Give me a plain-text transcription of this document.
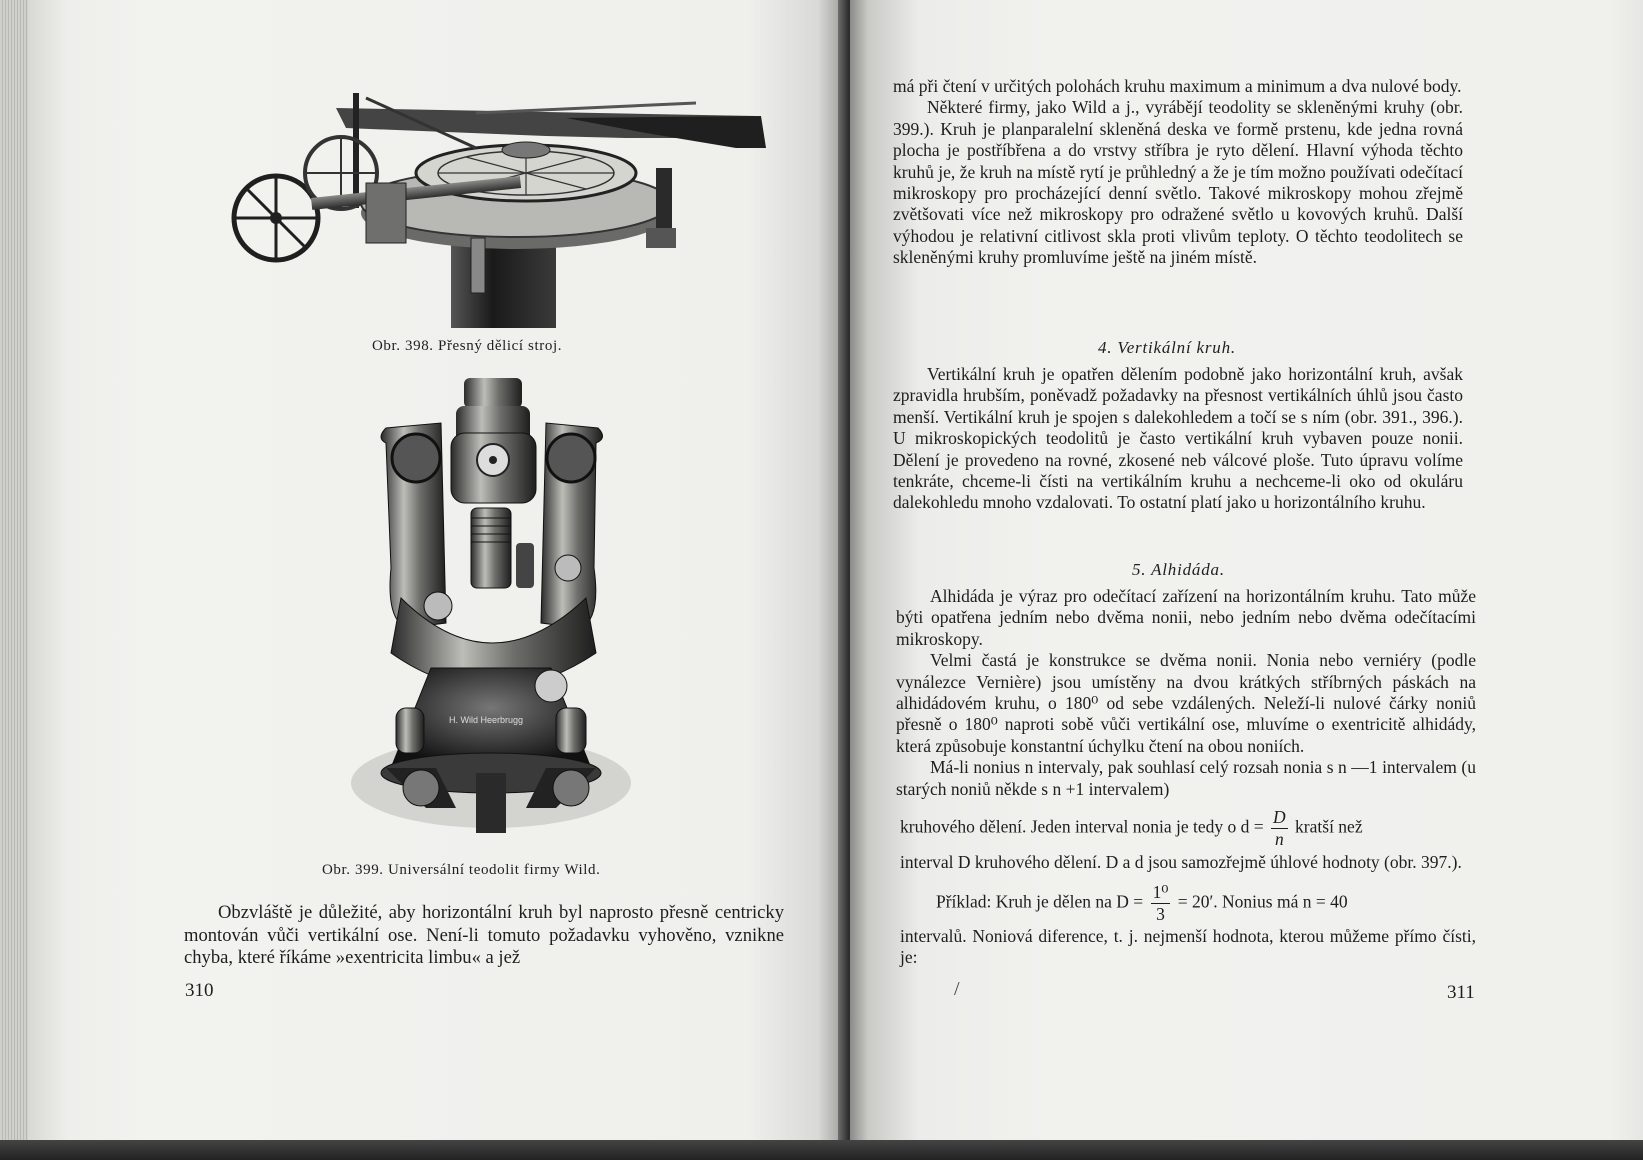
Obr. 398. Přesný dělicí stroj.
H. Wild Heerbrugg
Obr. 399. Universální teodolit firmy Wild.

Obzvláště je důležité, aby horizontální kruh byl naprosto přesně centricky montován vůči vertikální ose. Není-li tomuto požadavku vyhověno, vznikne chyba, které říkáme »exentricita limbu« a jež

310

má při čtení v určitých polohách kruhu maximum a minimum a dva nulové body.

Některé firmy, jako Wild a j., vyrábějí teodolity se skleněnými kruhy (obr. 399.). Kruh je planparalelní skleněná deska ve formě prstenu, kde jedna rovná plocha je postříbřena a do vrstvy stříbra je ryto dělení. Hlavní výhoda těchto kruhů je, že kruh na místě rytí je průhledný a že je tím možno používati odečítací mikroskopy pro procházející denní světlo. Takové mikroskopy mohou zřejmě zvětšovati více než mikroskopy pro odražené světlo u kovových kruhů. Další výhodou je relativní citlivost skla proti vlivům teploty. O těchto teodolitech se skleněnými kruhy promluvíme ještě na jiném místě.

4. Vertikální kruh.

Vertikální kruh je opatřen dělením podobně jako horizontální kruh, avšak zpravidla hrubším, poněvadž požadavky na přesnost vertikálních úhlů jsou často menší. Vertikální kruh je spojen s dalekohledem a točí se s ním (obr. 391., 396.). U mikroskopických teodolitů je často vertikální kruh vybaven pouze nonii. Dělení je provedeno na rovné, zkosené neb válcové ploše. Tuto úpravu volíme tenkráte, chceme-li čísti na vertikálním kruhu a nechceme-li oko od okuláru dalekohledu mnoho vzdalovati. To ostatní platí jako u horizontálního kruhu.

5. Alhidáda.

Alhidáda je výraz pro odečítací zařízení na horizontálním kruhu. Tato může býti opatřena jedním nebo dvěma nonii, nebo jedním nebo dvěma odečítacími mikroskopy.

Velmi častá je konstrukce se dvěma nonii. Nonia nebo verniéry (podle vynálezce Vernière) jsou umístěny na dvou krátkých stříbrných páskách na alhidádovém kruhu, o 180⁰ od sebe vzdálených. Neleží-li nulové čárky noniů přesně o 180⁰ naproti sobě vůči vertikální ose, mluvíme o exentricitě alhidády, která způsobuje konstantní úchylku čtení na obou noniích.

Má-li nonius n intervaly, pak souhlasí celý rozsah nonia s n —1 intervalem (u starých noniů někde s n +1 intervalem)

kruhového dělení. Jeden interval nonia je tedy o $d = \frac{D}{n}$ kratší než

interval D kruhového dělení. D a d jsou samozřejmě úhlové hodnoty (obr. 397.).

Příklad: Kruh je dělen na $D = \frac{\text{1⁰}}{3} = 20'$. Nonius má n = 40

intervalů. Noniová diference, t. j. nejmenší hodnota, kterou můžeme přímo čísti, je:

/	311
